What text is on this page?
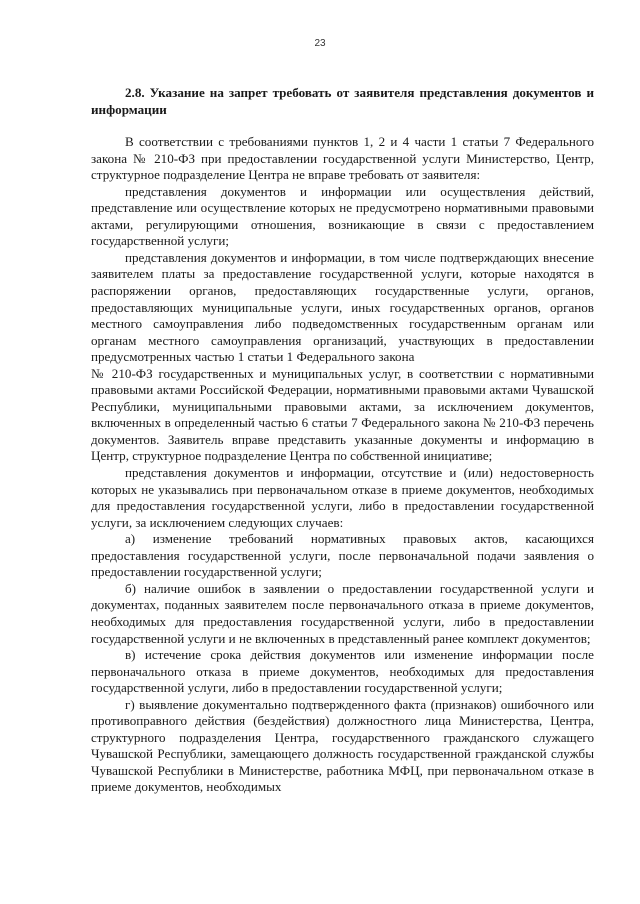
23

2.8. Указание на запрет требовать от заявителя представления документов и информации

В соответствии с требованиями пунктов 1, 2 и 4 части 1 статьи 7 Федерального закона № 210-ФЗ при предоставлении государственной услуги Министерство, Центр, структурное подразделение Центра не вправе требовать от заявителя:

представления документов и информации или осуществления действий, представление или осуществление которых не предусмотрено нормативными правовыми актами, регулирующими отношения, возникающие в связи с предоставлением государственной услуги;

представления документов и информации, в том числе подтверждающих внесение заявителем платы за предоставление государственной услуги, которые находятся в распоряжении органов, предоставляющих государственные услуги, органов, предоставляющих муниципальные услуги, иных государственных органов, органов местного самоуправления либо подведомственных государственным органам или органам местного самоуправления организаций, участвующих в предоставлении предусмотренных частью 1 статьи 1 Федерального закона

№ 210-ФЗ государственных и муниципальных услуг, в соответствии с нормативными правовыми актами Российской Федерации, нормативными правовыми актами Чувашской Республики, муниципальными правовыми актами, за исключением документов, включенных в определенный частью 6 статьи 7 Федерального закона № 210-ФЗ перечень документов. Заявитель вправе представить указанные документы и информацию в Центр, структурное подразделение Центра по собственной инициативе;

представления документов и информации, отсутствие и (или) недостоверность которых не указывались при первоначальном отказе в приеме документов, необходимых для предоставления государственной услуги, либо в предоставлении государственной услуги, за исключением следующих случаев:

а) изменение требований нормативных правовых актов, касающихся предоставления государственной услуги, после первоначальной подачи заявления о предоставлении государственной услуги;

б) наличие ошибок в заявлении о предоставлении государственной услуги и документах, поданных заявителем после первоначального отказа в приеме документов, необходимых для предоставления государственной услуги, либо в предоставлении государственной услуги и не включенных в представленный ранее комплект документов;

в) истечение срока действия документов или изменение информации после первоначального отказа в приеме документов, необходимых для предоставления государственной услуги, либо в предоставлении государственной услуги;

г) выявление документально подтвержденного факта (признаков) ошибочного или противоправного действия (бездействия) должностного лица Министерства, Центра, структурного подразделения Центра, государственного гражданского служащего Чувашской Республики, замещающего должность государственной гражданской службы Чувашской Республики в Министерстве, работника МФЦ, при первоначальном отказе в приеме документов, необходимых
